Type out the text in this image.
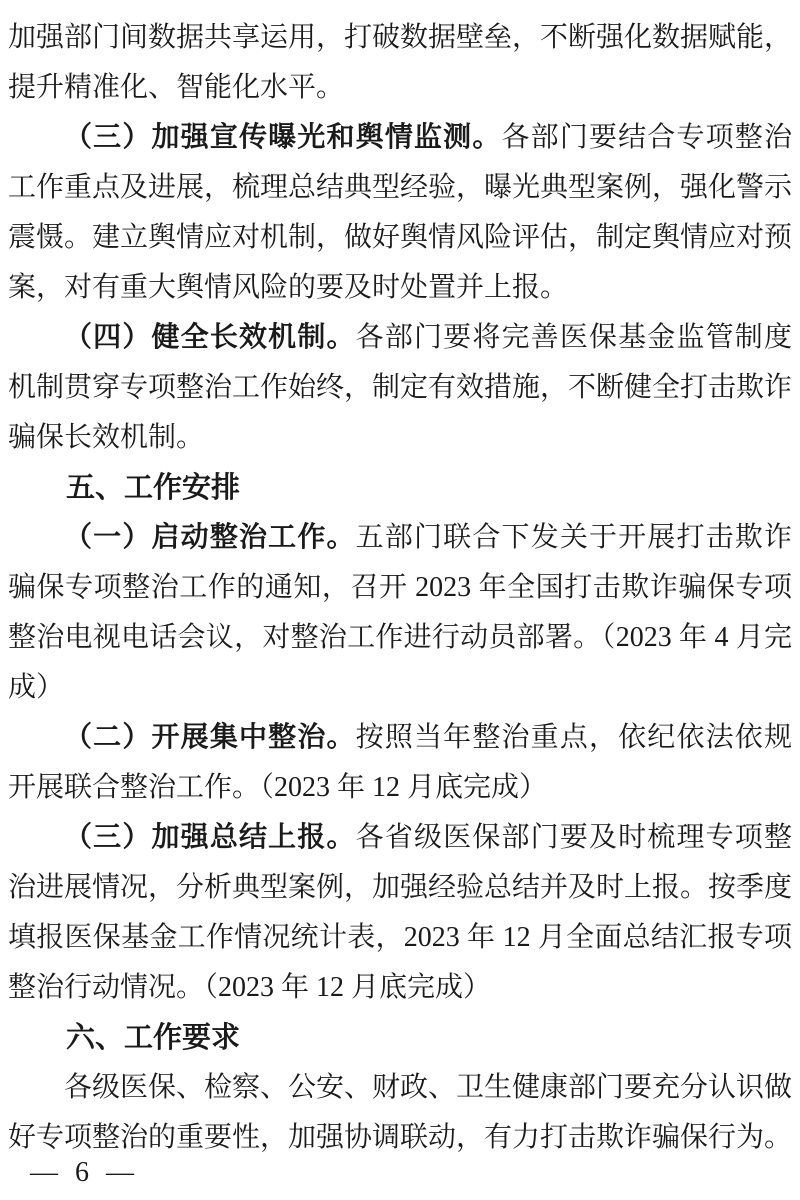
加强部门间数据共享运用，打破数据壁垒，不断强化数据赋能，提升精准化、智能化水平。

（三）加强宣传曝光和舆情监测。各部门要结合专项整治工作重点及进展，梳理总结典型经验，曝光典型案例，强化警示震慑。建立舆情应对机制，做好舆情风险评估，制定舆情应对预案，对有重大舆情风险的要及时处置并上报。

（四）健全长效机制。各部门要将完善医保基金监管制度机制贯穿专项整治工作始终，制定有效措施，不断健全打击欺诈骗保长效机制。

五、工作安排

（一）启动整治工作。五部门联合下发关于开展打击欺诈骗保专项整治工作的通知，召开 2023 年全国打击欺诈骗保专项整治电视电话会议，对整治工作进行动员部署。（2023 年 4 月完成）

（二）开展集中整治。按照当年整治重点，依纪依法依规开展联合整治工作。（2023 年 12 月底完成）

（三）加强总结上报。各省级医保部门要及时梳理专项整治进展情况，分析典型案例，加强经验总结并及时上报。按季度填报医保基金工作情况统计表，2023 年 12 月全面总结汇报专项整治行动情况。（2023 年 12 月底完成）

六、工作要求

各级医保、检察、公安、财政、卫生健康部门要充分认识做好专项整治的重要性，加强协调联动，有力打击欺诈骗保行为。

— 6 —
